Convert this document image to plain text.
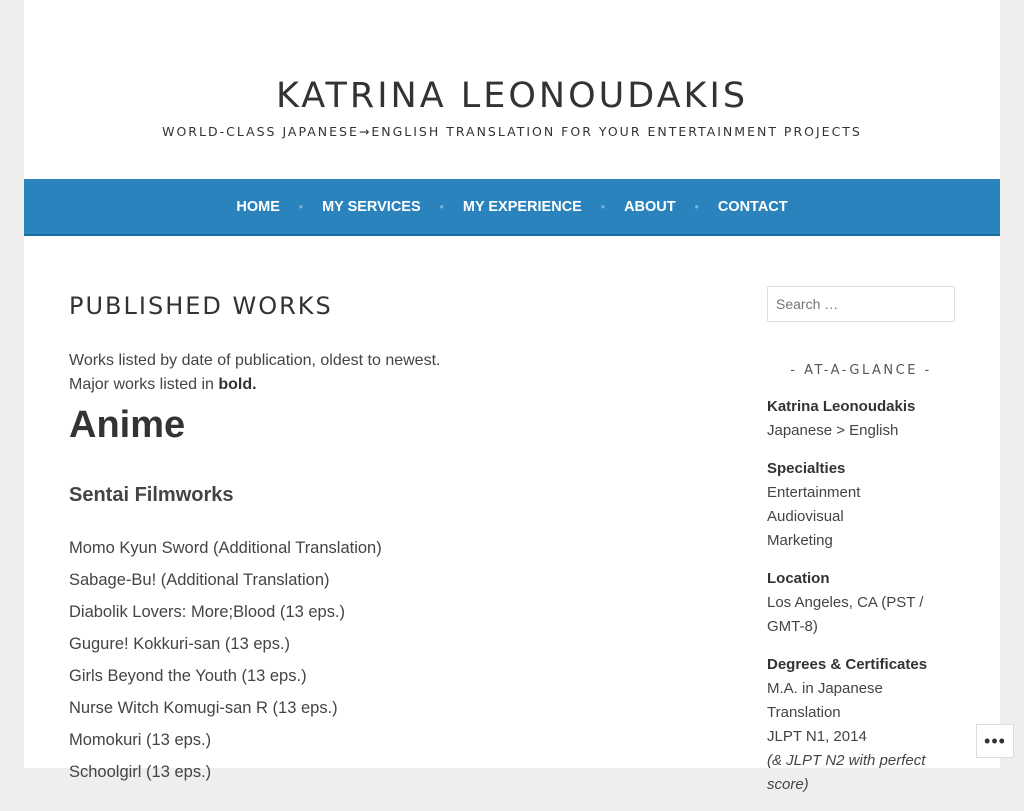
KATRINA LEONOUDAKIS
WORLD-CLASS JAPANESE→ENGLISH TRANSLATION FOR YOUR ENTERTAINMENT PROJECTS
HOME • MY SERVICES • MY EXPERIENCE • ABOUT • CONTACT
PUBLISHED WORKS
Works listed by date of publication, oldest to newest.
Major works listed in bold.
Anime
Sentai Filmworks
Momo Kyun Sword (Additional Translation)
Sabage-Bu! (Additional Translation)
Diabolik Lovers: More;Blood (13 eps.)
Gugure! Kokkuri-san (13 eps.)
Girls Beyond the Youth (13 eps.)
Nurse Witch Komugi-san R (13 eps.)
Momokuri (13 eps.)
Schoolgirl (13 eps.)
Search …
- AT-A-GLANCE -
Katrina Leonoudakis
Japanese > English
Specialties
Entertainment
Audiovisual
Marketing
Location
Los Angeles, CA (PST / GMT-8)
Degrees & Certificates
M.A. in Japanese Translation
JLPT N1, 2014
(& JLPT N2 with perfect score)
•••
